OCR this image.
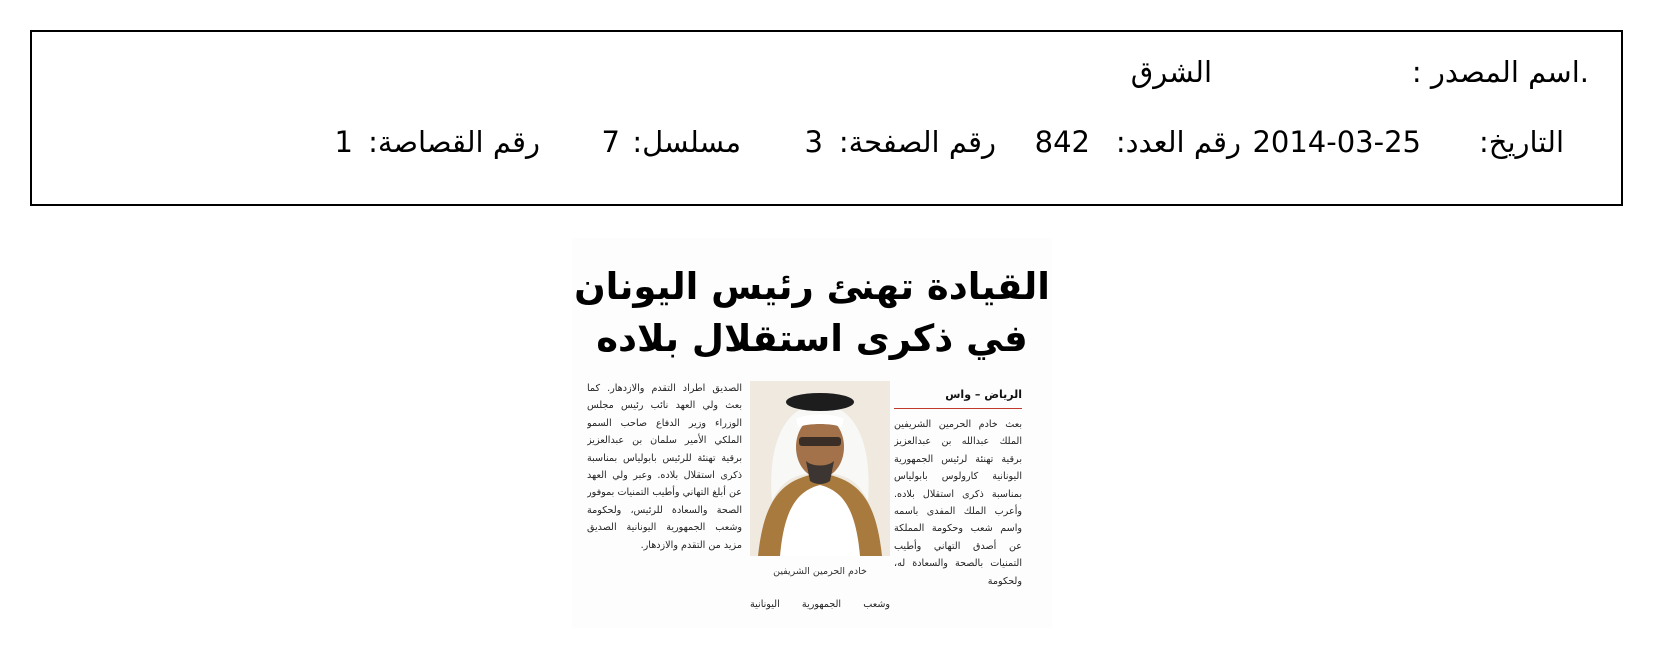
.اسم المصدر :
الشرق
التاريخ:
2014-03-25
رقم العدد:
842
رقم الصفحة:
3
مسلسل:
7
رقم القصاصة:
1
القيادة تهنئ رئيس اليونان
في ذكرى استقلال بلاده
الرياض – واس
بعث خادم الحرمين الشريفين الملك عبدالله بن عبدالعزيز برقية تهنئة لرئيس الجمهورية اليونانية كارولوس بابولياس بمناسبة ذكرى استقلال بلاده. وأعرب الملك المفدى باسمه واسم شعب وحكومة المملكة عن أصدق التهاني وأطيب التمنيات بالصحة والسعادة له، ولحكومة
خادم الحرمين الشريفين
وشعب الجمهورية اليونانية
الصديق اطراد التقدم والازدهار. كما بعث ولي العهد نائب رئيس مجلس الوزراء وزير الدفاع صاحب السمو الملكي الأمير سلمان بن عبدالعزيز برقية تهنئة للرئيس بابولياس بمناسبة ذكرى استقلال بلاده. وعبر ولي العهد عن أبلغ التهاني وأطيب التمنيات بموفور الصحة والسعادة للرئيس، ولحكومة وشعب الجمهورية اليونانية الصديق مزيد من التقدم والازدهار.
